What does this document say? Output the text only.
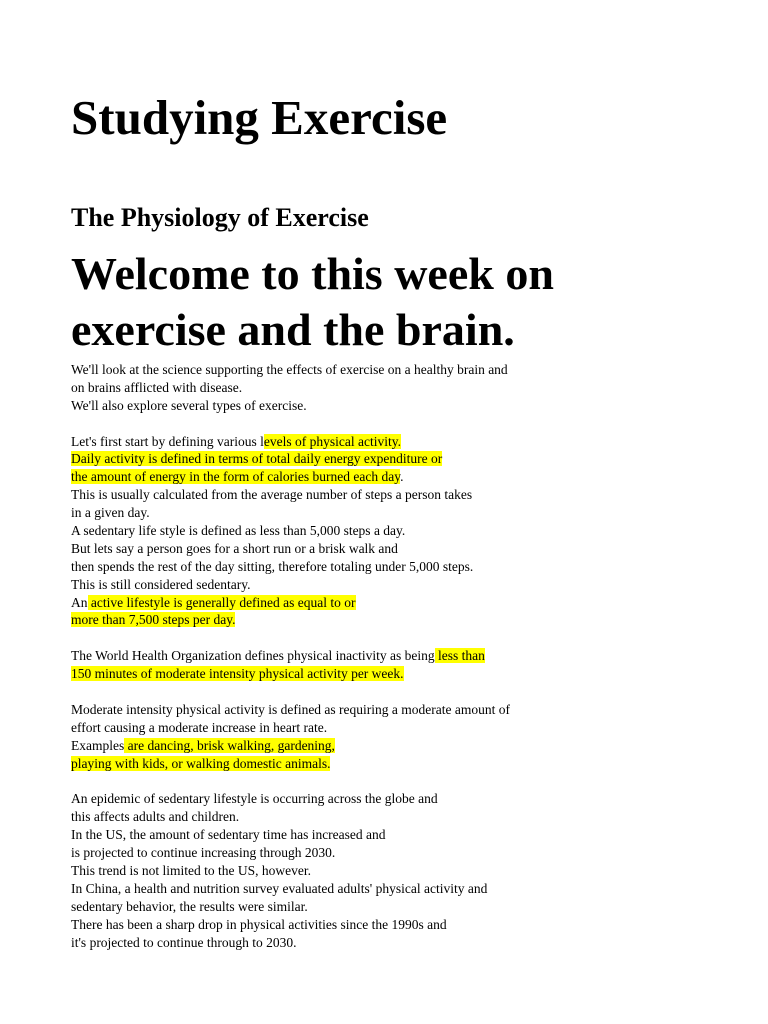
Studying Exercise
The Physiology of Exercise
Welcome to this week on exercise and the brain.
We'll look at the science supporting the effects of exercise on a healthy brain and
on brains afflicted with disease.
We'll also explore several types of exercise.
Let's first start by defining various levels of physical activity.
Daily activity is defined in terms of total daily energy expenditure or
the amount of energy in the form of calories burned each day.
This is usually calculated from the average number of steps a person takes
in a given day.
A sedentary life style is defined as less than 5,000 steps a day.
But lets say a person goes for a short run or a brisk walk and
then spends the rest of the day sitting, therefore totaling under 5,000 steps.
This is still considered sedentary.
An active lifestyle is generally defined as equal to or
more than 7,500 steps per day.
The World Health Organization defines physical inactivity as being less than
150 minutes of moderate intensity physical activity per week.
Moderate intensity physical activity is defined as requiring a moderate amount of
effort causing a moderate increase in heart rate.
Examples are dancing, brisk walking, gardening,
playing with kids, or walking domestic animals.
An epidemic of sedentary lifestyle is occurring across the globe and
this affects adults and children.
In the US, the amount of sedentary time has increased and
is projected to continue increasing through 2030.
This trend is not limited to the US, however.
In China, a health and nutrition survey evaluated adults' physical activity and
sedentary behavior, the results were similar.
There has been a sharp drop in physical activities since the 1990s and
it's projected to continue through to 2030.
